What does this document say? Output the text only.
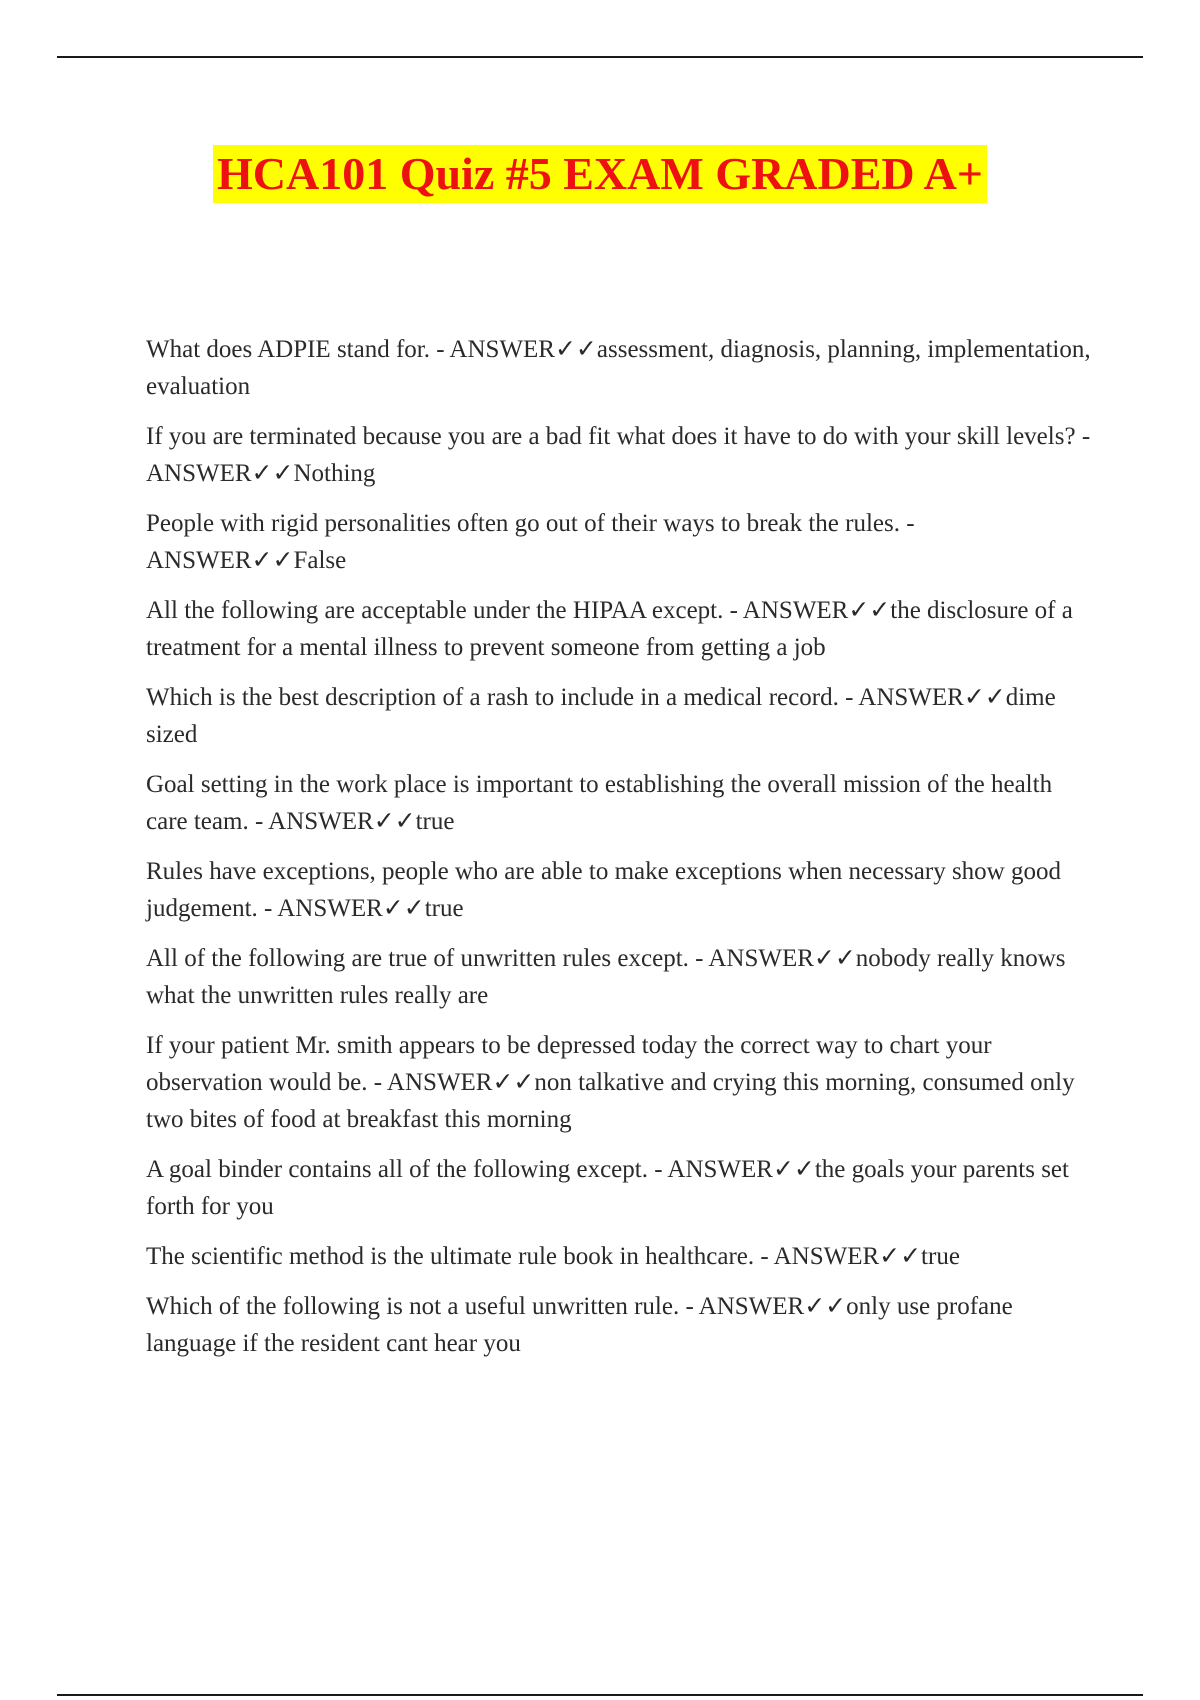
HCA101 Quiz #5 EXAM GRADED A+

What does ADPIE stand for. - ANSWER✓✓assessment, diagnosis, planning, implementation, evaluation

If you are terminated because you are a bad fit what does it have to do with your skill levels? - ANSWER✓✓Nothing

People with rigid personalities often go out of their ways to break the rules. - ANSWER✓✓False

All the following are acceptable under the HIPAA except. - ANSWER✓✓the disclosure of a treatment for a mental illness to prevent someone from getting a job

Which is the best description of a rash to include in a medical record. - ANSWER✓✓dime sized

Goal setting in the work place is important to establishing the overall mission of the health care team. - ANSWER✓✓true

Rules have exceptions, people who are able to make exceptions when necessary show good judgement. - ANSWER✓✓true

All of the following are true of unwritten rules except. - ANSWER✓✓nobody really knows what the unwritten rules really are

If your patient Mr. smith appears to be depressed today the correct way to chart your observation would be. - ANSWER✓✓non talkative and crying this morning, consumed only two bites of food at breakfast this morning

A goal binder contains all of the following except. - ANSWER✓✓the goals your parents set forth for you

The scientific method is the ultimate rule book in healthcare. - ANSWER✓✓true

Which of the following is not a useful unwritten rule. - ANSWER✓✓only use profane language if the resident cant hear you
